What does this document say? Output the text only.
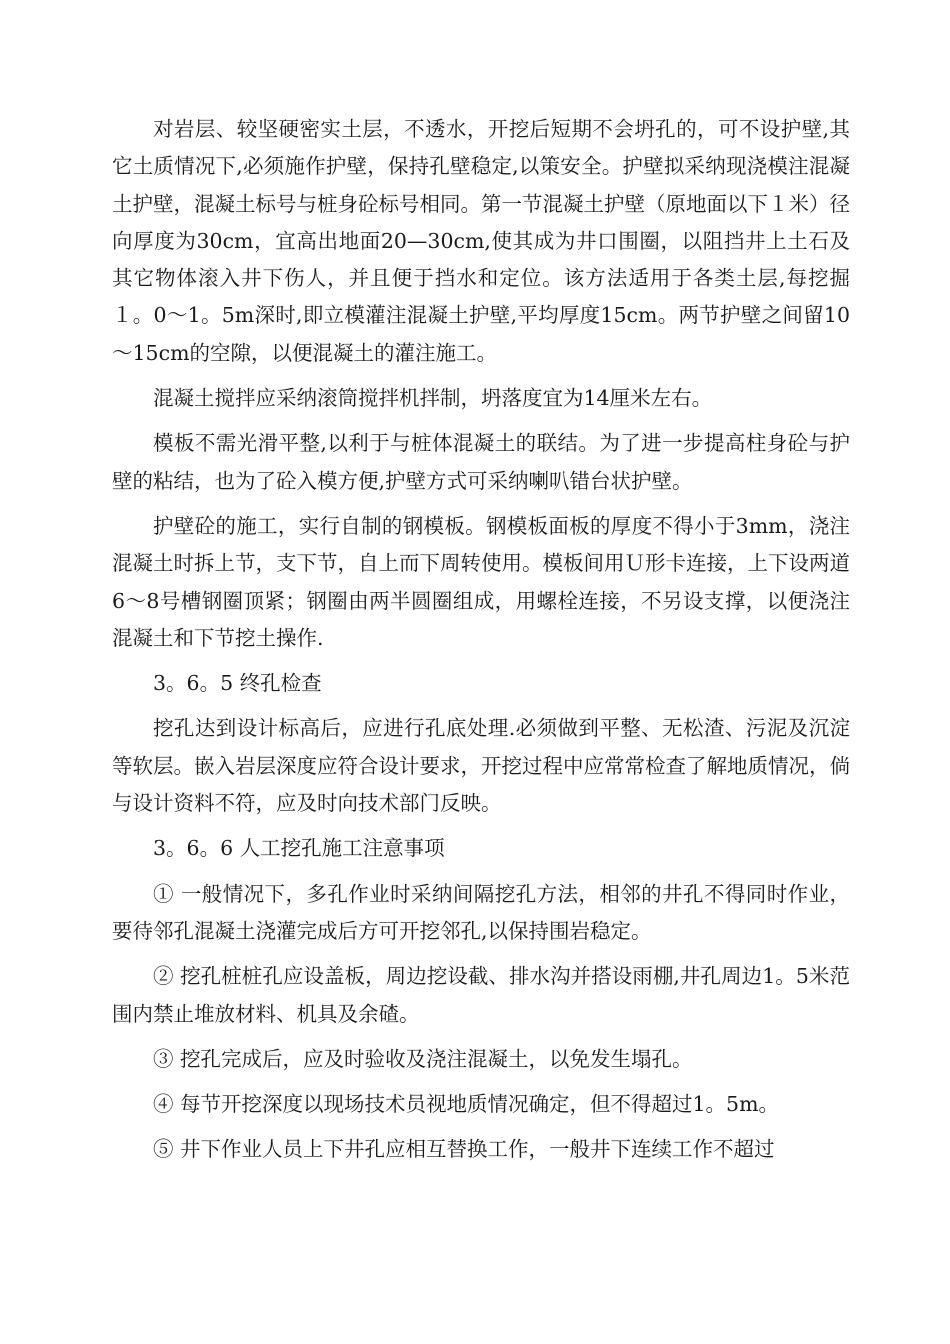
对岩层、较坚硬密实土层，不透水，开挖后短期不会坍孔的，可不设护壁,其它土质情况下,必须施作护壁，保持孔壁稳定,以策安全。护壁拟采纳现浇模注混凝土护壁，混凝土标号与桩身砼标号相同。第一节混凝土护壁（原地面以下１米）径向厚度为30cm，宜高出地面20—30cm,使其成为井口围圈，以阻挡井上土石及其它物体滚入井下伤人，并且便于挡水和定位。该方法适用于各类土层,每挖掘１。0～1。5m深时,即立模灌注混凝土护壁,平均厚度15cm。两节护壁之间留10～15cm的空隙，以便混凝土的灌注施工。

混凝土搅拌应采纳滚筒搅拌机拌制，坍落度宜为14厘米左右。

模板不需光滑平整,以利于与桩体混凝土的联结。为了进一步提高柱身砼与护壁的粘结，也为了砼入模方便,护壁方式可采纳喇叭错台状护壁。

护壁砼的施工，实行自制的钢模板。钢模板面板的厚度不得小于3mm，浇注混凝土时拆上节，支下节，自上而下周转使用。模板间用Ｕ形卡连接，上下设两道6～8号槽钢圈顶紧；钢圈由两半圆圈组成，用螺栓连接，不另设支撑，以便浇注混凝土和下节挖土操作.

3。6。5 终孔检查

挖孔达到设计标高后，应进行孔底处理.必须做到平整、无松渣、污泥及沉淀等软层。嵌入岩层深度应符合设计要求，开挖过程中应常常检查了解地质情况，倘与设计资料不符，应及时向技术部门反映。

3。6。6 人工挖孔施工注意事项

① 一般情况下，多孔作业时采纳间隔挖孔方法，相邻的井孔不得同时作业，要待邻孔混凝土浇灌完成后方可开挖邻孔,以保持围岩稳定。

② 挖孔桩桩孔应设盖板，周边挖设截、排水沟并搭设雨棚,井孔周边1。5米范围内禁止堆放材料、机具及余碴。

③ 挖孔完成后，应及时验收及浇注混凝土，以免发生塌孔。

④ 每节开挖深度以现场技术员视地质情况确定，但不得超过1。5m。

⑤ 井下作业人员上下井孔应相互替换工作，一般井下连续工作不超过
